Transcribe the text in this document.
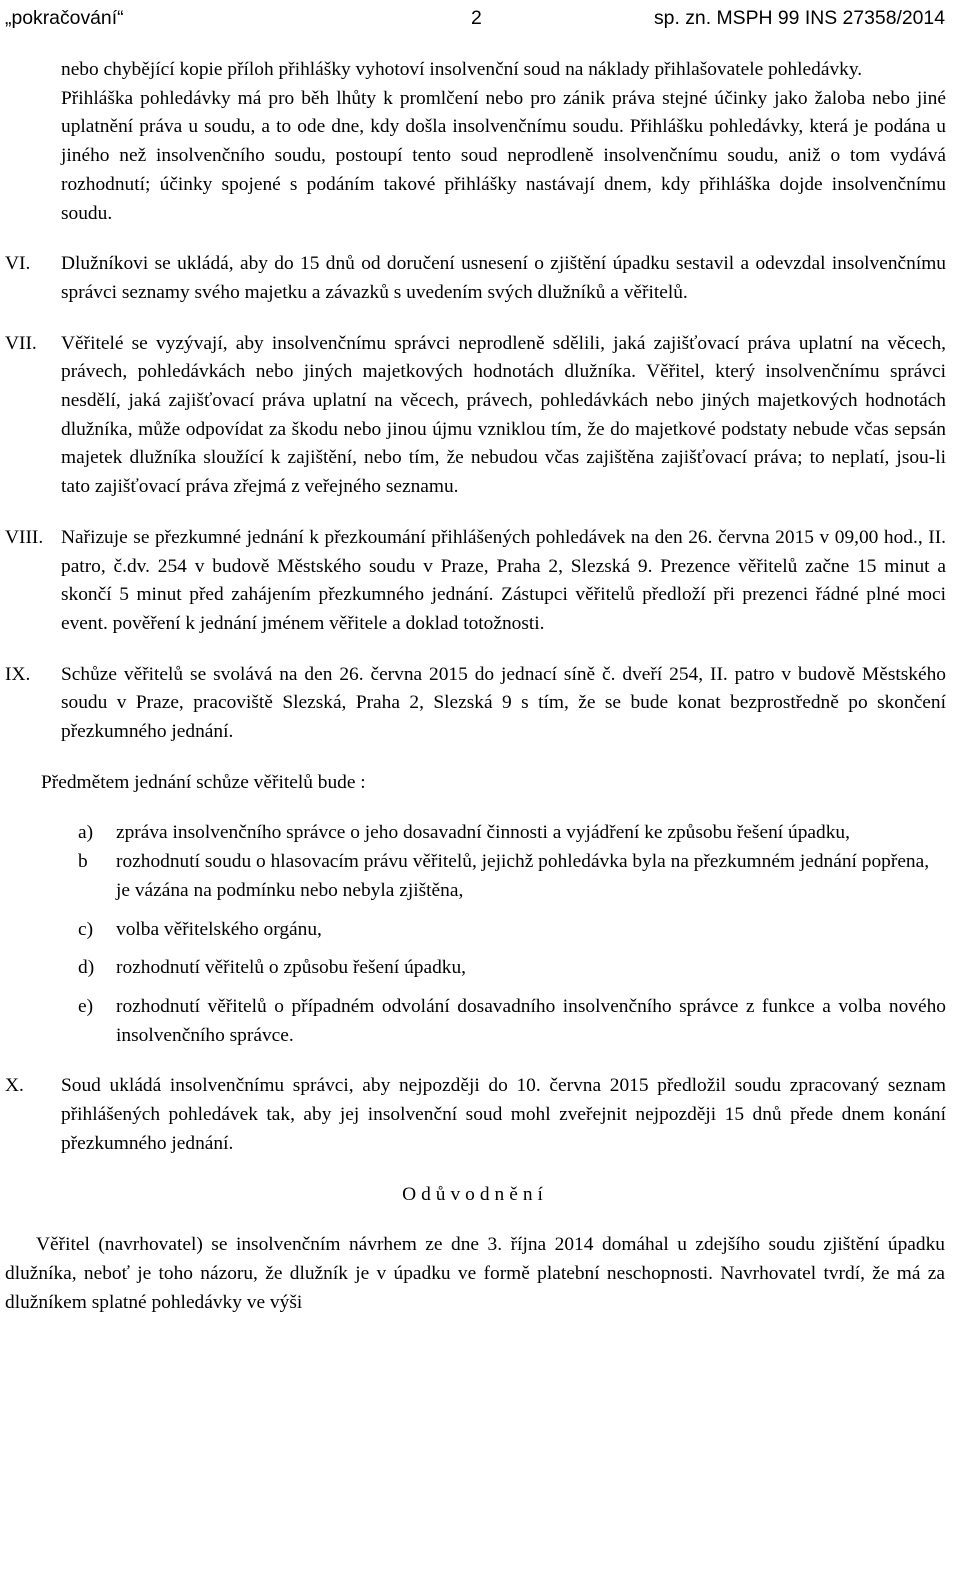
„pokračování“	2	sp. zn. MSPH 99 INS 27358/2014

nebo chybějící kopie příloh přihlášky vyhotoví insolvenční soud na náklady přihlašovatele pohledávky.

Přihláška pohledávky má pro běh lhůty k promlčení nebo pro zánik práva stejné účinky jako žaloba nebo jiné uplatnění práva u soudu, a to ode dne, kdy došla insolvenčnímu soudu. Přihlášku pohledávky, která je podána u jiného než insolvenčního soudu, postoupí tento soud neprodleně insolvenčnímu soudu, aniž o tom vydává rozhodnutí; účinky spojené s podáním takové přihlášky nastávají dnem, kdy přihláška dojde insolvenčnímu soudu.

VI. Dlužníkovi se ukládá, aby do 15 dnů od doručení usnesení o zjištění úpadku sestavil a odevzdal insolvenčnímu správci seznamy svého majetku a závazků s uvedením svých dlužníků a věřitelů.

VII. Věřitelé se vyzývají, aby insolvenčnímu správci neprodleně sdělili, jaká zajišťovací práva uplatní na věcech, právech, pohledávkách nebo jiných majetkových hodnotách dlužníka. Věřitel, který insolvenčnímu správci nesdělí, jaká zajišťovací práva uplatní na věcech, právech, pohledávkách nebo jiných majetkových hodnotách dlužníka, může odpovídat za škodu nebo jinou újmu vzniklou tím, že do majetkové podstaty nebude včas sepsán majetek dlužníka sloužící k zajištění, nebo tím, že nebudou včas zajištěna zajišťovací práva; to neplatí, jsou-li tato zajišťovací práva zřejmá z veřejného seznamu.

VIII. Nařizuje se přezkumné jednání k přezkoumání přihlášených pohledávek na den 26. června 2015 v 09,00 hod., II. patro, č.dv. 254 v budově Městského soudu v Praze, Praha 2, Slezská 9. Prezence věřitelů začne 15 minut a skončí 5 minut před zahájením přezkumného jednání. Zástupci věřitelů předloží při prezenci řádné plné moci event. pověření k jednání jménem věřitele a doklad totožnosti.

IX. Schůze věřitelů se svolává na den 26. června 2015 do jednací síně č. dveří 254, II. patro v budově Městského soudu v Praze, pracoviště Slezská, Praha 2, Slezská 9 s tím, že se bude konat bezprostředně po skončení přezkumného jednání.

Předmětem jednání schůze věřitelů bude :
a) zpráva insolvenčního správce o jeho dosavadní činnosti a vyjádření ke způsobu řešení úpadku,

b rozhodnutí soudu o hlasovacím právu věřitelů, jejichž pohledávka byla na přezkumném jednání popřena, je vázána na podmínku nebo nebyla zjištěna,

c) volba věřitelského orgánu,

d) rozhodnutí věřitelů o způsobu řešení úpadku,

e) rozhodnutí věřitelů o případném odvolání dosavadního insolvenčního správce z funkce a volba nového insolvenčního správce.

X. Soud ukládá insolvenčnímu správci, aby nejpozději do 10. června 2015 předložil soudu zpracovaný seznam přihlášených pohledávek tak, aby jej insolvenční soud mohl zveřejnit nejpozději 15 dnů přede dnem konání přezkumného jednání.

Odůvodnění

Věřitel (navrhovatel) se insolvenčním návrhem ze dne 3. října 2014 domáhal u zdejšího soudu zjištění úpadku dlužníka, neboť je toho názoru, že dlužník je v úpadku ve formě platební neschopnosti. Navrhovatel tvrdí, že má za dlužníkem splatné pohledávky ve výši
